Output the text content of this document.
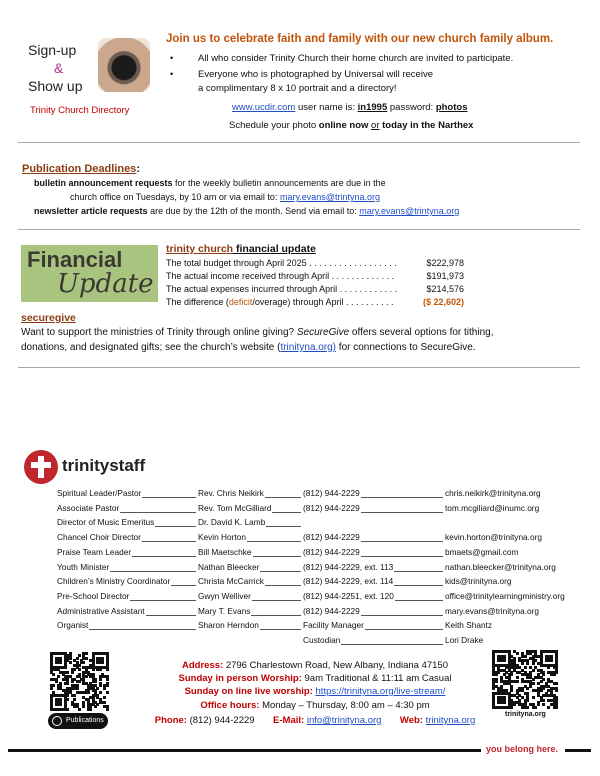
Sign-up
&
Show up
Trinity Church Directory
Join us to celebrate faith and family with our new church family album.
All who consider Trinity Church their home church are invited to participate.
Everyone who is photographed by Universal will receive
a complimentary 8 x 10 portrait and a directory!
www.ucdir.com user name is: in1995 password: photos
Schedule your photo online now or today in the Narthex
Publication Deadlines:
bulletin announcement requests for the weekly bulletin announcements are due in the
church office on Tuesdays, by 10 am or via email to: mary.evans@trintyna.org
newsletter article requests are due by the 12th of the month. Send via email to: mary.evans@trintyna.org
Financial
Update
trinity church financial update
The total budget through April 2025 . . . . . . . . . . . . . . . . . .	$222,978
The actual income received through April . . . . . . . . . . . . .	$191,973
The actual expenses incurred through April . . . . . . . . . . . .	$214,576
The difference (deficit/overage) through April . . . . . . . . . .	($ 22,602)
securegive
Want to support the ministries of Trinity through online giving? SecureGive offers several options for tithing,
donations, and designated gifts; see the church’s website (trinityna.org) for connections to SecureGive.
trinitystaff
Spiritual Leader/Pastor	Rev. Chris Neikirk	(812) 944-2229	chris.neikirk@trinityna.org
Associate Pastor	Rev. Tom McGilliard	(812) 944-2229	tom.mcgiliard@inumc.org
Director of Music Emeritus	Dr. David K. Lamb
Chancel Choir Director	Kevin Horton	(812) 944-2229	kevin.horton@trinityna.org
Praise Team Leader	Bill Maetschke	(812) 944-2229	bmaets@gmail.com
Youth Minister	Nathan Bleecker	(812) 944-2229, ext. 113	nathan.bleecker@trinityna.org
Children’s Ministry Coordinator	Christa McCarrick	(812) 944-2229, ext. 114	kids@trinityna.org
Pre-School Director	Gwyn Welliver	(812) 944-2251, ext. 120	office@trinitylearningministry.org
Administrative Assistant	Mary T. Evans	(812) 944-2229	mary.evans@trinityna.org
Organist	Sharon Herndon	Facility Manager	Keith Shantz
Custodian	Lori Drake
Publications
trinityna.org
Address: 2796 Charlestown Road, New Albany, Indiana 47150
Sunday in person Worship: 9am Traditional & 11:11 am Casual
Sunday on line live worship: https://trinityna.org/live-stream/
Office hours: Monday – Thursday, 8:00 am – 4:30 pm
Phone: (812) 944-2229 E-Mail: info@trinityna.org Web: trinityna.org
you belong here.
